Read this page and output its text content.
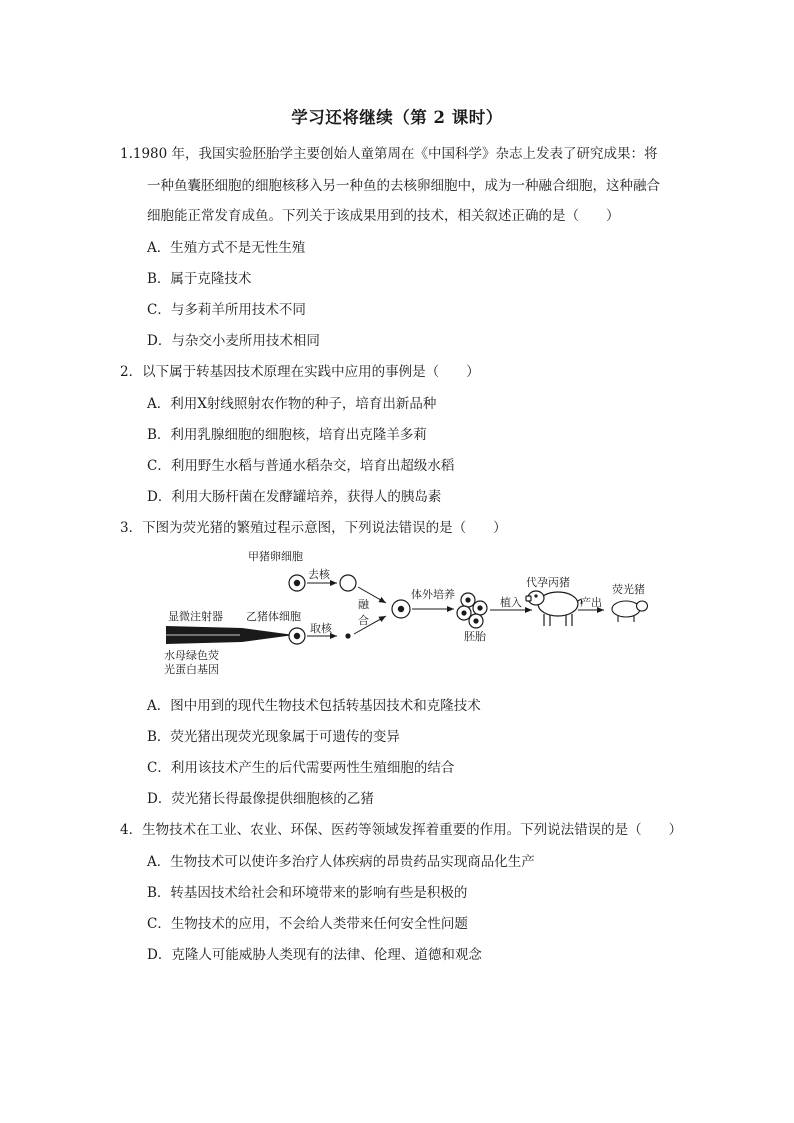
学习还将继续（第 2 课时）
1.1980 年，我国实验胚胎学主要创始人童第周在《中国科学》杂志上发表了研究成果：将
一种鱼囊胚细胞的细胞核移入另一种鱼的去核卵细胞中，成为一种融合细胞，这种融合
细胞能正常发育成鱼。下列关于该成果用到的技术，相关叙述正确的是（　　）
A．生殖方式不是无性生殖
B．属于克隆技术
C．与多莉羊所用技术不同
D．与杂交小麦所用技术相同
2．以下属于转基因技术原理在实践中应用的事例是（　　）
A．利用X射线照射农作物的种子，培育出新品种
B．利用乳腺细胞的细胞核，培育出克隆羊多莉
C．利用野生水稻与普通水稻杂交，培育出超级水稻
D．利用大肠杆菌在发酵罐培养，获得人的胰岛素
3．下图为荧光猪的繁殖过程示意图，下列说法错误的是（　　）
甲猪卵细胞
去核
显微注射器 乙猪体细胞
取核
水母绿色荧
光蛋白基因
融
合
体外培养
胚胎
植入
代孕丙猪
产出
荧光猪
A．图中用到的现代生物技术包括转基因技术和克隆技术
B．荧光猪出现荧光现象属于可遗传的变异
C．利用该技术产生的后代需要两性生殖细胞的结合
D．荧光猪长得最像提供细胞核的乙猪
4．生物技术在工业、农业、环保、医药等领域发挥着重要的作用。下列说法错误的是（　　）
A．生物技术可以使许多治疗人体疾病的昂贵药品实现商品化生产
B．转基因技术给社会和环境带来的影响有些是积极的
C．生物技术的应用，不会给人类带来任何安全性问题
D．克隆人可能威胁人类现有的法律、伦理、道德和观念
